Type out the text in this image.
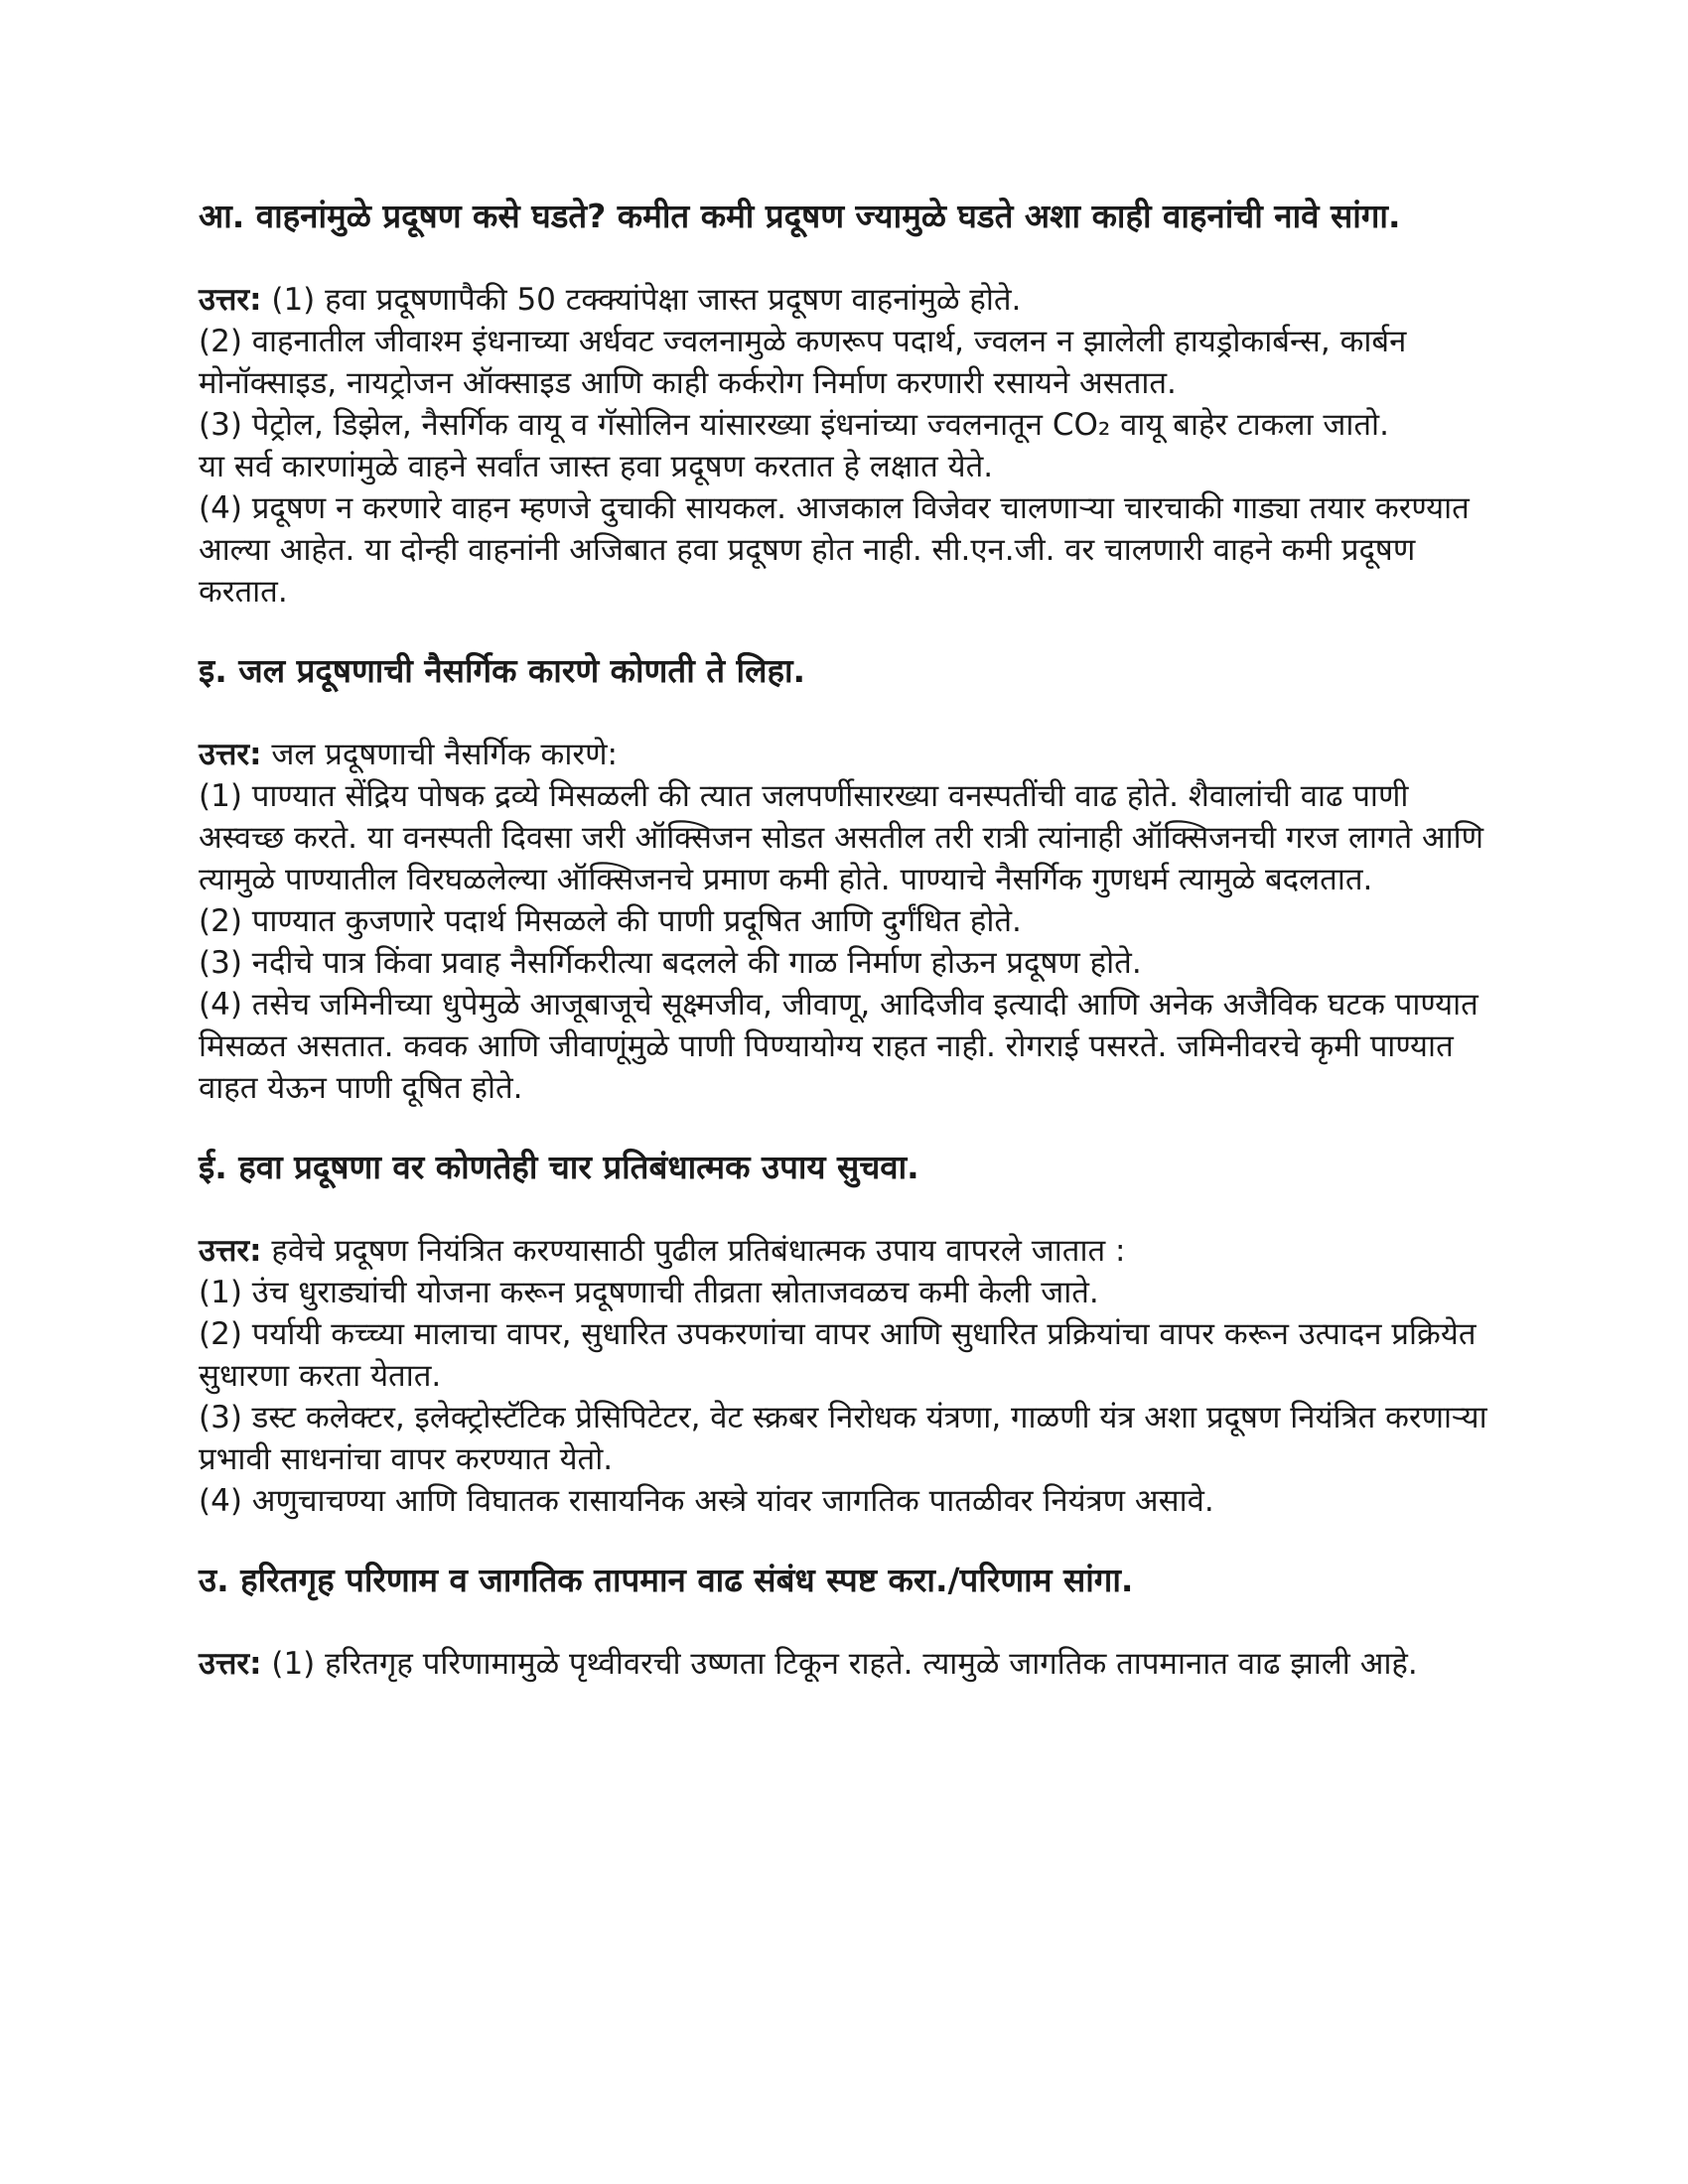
आ. वाहनांमुळे प्रदूषण कसे घडते? कमीत कमी प्रदूषण ज्यामुळे घडते अशा काही वाहनांची नावे सांगा.

उत्तर: (1) हवा प्रदूषणापैकी 50 टक्क्यांपेक्षा जास्त प्रदूषण वाहनांमुळे होते.

(2) वाहनातील जीवाश्म इंधनाच्या अर्धवट ज्वलनामुळे कणरूप पदार्थ, ज्वलन न झालेली हायड्रोकार्बन्स, कार्बन मोनॉक्साइड, नायट्रोजन ऑक्साइड आणि काही कर्करोग निर्माण करणारी रसायने असतात.

(3) पेट्रोल, डिझेल, नैसर्गिक वायू व गॅसोलिन यांसारख्या इंधनांच्या ज्वलनातून CO₂ वायू बाहेर टाकला जातो.

या सर्व कारणांमुळे वाहने सर्वांत जास्त हवा प्रदूषण करतात हे लक्षात येते.

(4) प्रदूषण न करणारे वाहन म्हणजे दुचाकी सायकल. आजकाल विजेवर चालणाऱ्या चारचाकी गाड्या तयार करण्यात आल्या आहेत. या दोन्ही वाहनांनी अजिबात हवा प्रदूषण होत नाही. सी.एन.जी. वर चालणारी वाहने कमी प्रदूषण करतात.

इ. जल प्रदूषणाची नैसर्गिक कारणे कोणती ते लिहा.

उत्तर: जल प्रदूषणाची नैसर्गिक कारणे:

(1) पाण्यात सेंद्रिय पोषक द्रव्ये मिसळली की त्यात जलपर्णीसारख्या वनस्पतींची वाढ होते. शैवालांची वाढ पाणी अस्वच्छ करते. या वनस्पती दिवसा जरी ऑक्सिजन सोडत असतील तरी रात्री त्यांनाही ऑक्सिजनची गरज लागते आणि त्यामुळे पाण्यातील विरघळलेल्या ऑक्सिजनचे प्रमाण कमी होते. पाण्याचे नैसर्गिक गुणधर्म त्यामुळे बदलतात.

(2) पाण्यात कुजणारे पदार्थ मिसळले की पाणी प्रदूषित आणि दुर्गंधित होते.

(3) नदीचे पात्र किंवा प्रवाह नैसर्गिकरीत्या बदलले की गाळ निर्माण होऊन प्रदूषण होते.

(4) तसेच जमिनीच्या धुपेमुळे आजूबाजूचे सूक्ष्मजीव, जीवाणू, आदिजीव इत्यादी आणि अनेक अजैविक घटक पाण्यात मिसळत असतात. कवक आणि जीवाणूंमुळे पाणी पिण्यायोग्य राहत नाही. रोगराई पसरते. जमिनीवरचे कृमी पाण्यात वाहत येऊन पाणी दूषित होते.

ई. हवा प्रदूषणा वर कोणतेही चार प्रतिबंधात्मक उपाय सुचवा.

उत्तर: हवेचे प्रदूषण नियंत्रित करण्यासाठी पुढील प्रतिबंधात्मक उपाय वापरले जातात :

(1) उंच धुराड्यांची योजना करून प्रदूषणाची तीव्रता स्रोताजवळच कमी केली जाते.

(2) पर्यायी कच्च्या मालाचा वापर, सुधारित उपकरणांचा वापर आणि सुधारित प्रक्रियांचा वापर करून उत्पादन प्रक्रियेत सुधारणा करता येतात.

(3) डस्ट कलेक्टर, इलेक्ट्रोस्टॅटिक प्रेसिपिटेटर, वेट स्क्रबर निरोधक यंत्रणा, गाळणी यंत्र अशा प्रदूषण नियंत्रित करणाऱ्या प्रभावी साधनांचा वापर करण्यात येतो.

(4) अणुचाचण्या आणि विघातक रासायनिक अस्त्रे यांवर जागतिक पातळीवर नियंत्रण असावे.

उ. हरितगृह परिणाम व जागतिक तापमान वाढ संबंध स्पष्ट करा./परिणाम सांगा.

उत्तर: (1) हरितगृह परिणामामुळे पृथ्वीवरची उष्णता टिकून राहते. त्यामुळे जागतिक तापमानात वाढ झाली आहे.
